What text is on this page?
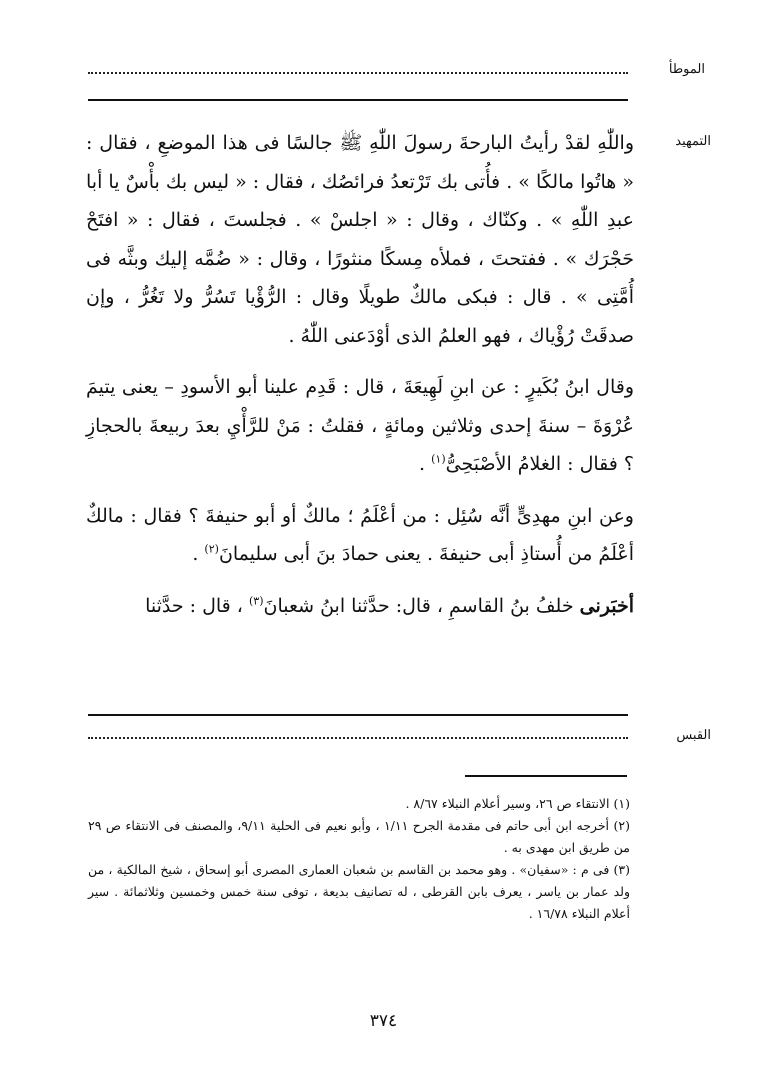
الموطأ
التمهيد

واللّٰهِ لقدْ رأيتُ البارحةَ رسولَ اللّٰهِ ﷺ جالسًا فى هذا الموضعِ ، فقال : « هاتُوا مالكًا » . فأُتى بك تَرْتعدُ فرائصُك ، فقال : « ليس بك بأْسٌ يا أبا عبدِ اللّٰهِ » . وكنّاك ، وقال : « اجلسْ » . فجلستَ ، فقال : « افتَحْ حَجْرَك » . ففتحتَ ، فملأه مِسكًا منثورًا ، وقال : « ضُمَّه إليك وبثَّه فى أُمَّتِى » . قال : فبكى مالكٌ طويلًا وقال : الرُّؤْيا تَسُرُّ ولا تَغُرُّ ، وإن صدقَتْ رُؤْياك ، فهو العلمُ الذى أوْدَعنى اللّٰهُ .

وقال ابنُ بُكَيرٍ : عن ابنِ لَهِيعَةَ ، قال : قَدِم علينا أبو الأسودِ – يعنى يتيمَ عُرْوَةَ – سنةَ إحدى وثلاثين ومائةٍ ، فقلتُ : مَنْ للرَّأْيِ بعدَ ربيعةَ بالحجازِ ؟ فقال : الغلامُ الأصْبَحِىُّ$^{(١)}$ .

وعن ابنِ مهدِىٍّ أنَّه سُئِل : من أعْلَمُ ؛ مالكٌ أو أبو حنيفةَ ؟ فقال : مالكٌ أعْلَمُ من أُستاذِ أبى حنيفةَ . يعنى حمادَ بنَ أبى سليمانَ$^{(٢)}$ .

أخبَرنى خلفُ بنُ القاسمِ ، قال: حدَّثنا ابنُ شعبانَ$^{(٣)}$ ، قال : حدَّثنا

القبس

(١) الانتقاء ص ٢٦، وسير أعلام النبلاء ٨/٦٧ .

(٢) أخرجه ابن أبى حاتم فى مقدمة الجرح ١/١١ ، وأبو نعيم فى الحلية ٩/١١، والمصنف فى الانتقاء ص ٢٩ من طريق ابن مهدى به .

(٣) فى م : «سفيان» . وهو محمد بن القاسم بن شعبان العمارى المصرى أبو إسحاق ، شيخ المالكية ، من ولد عمار بن ياسر ، يعرف بابن القرطى ، له تصانيف بديعة ، توفى سنة خمس وخمسين وثلاثمائة . سير أعلام النبلاء ١٦/٧٨ .

٣٧٤
